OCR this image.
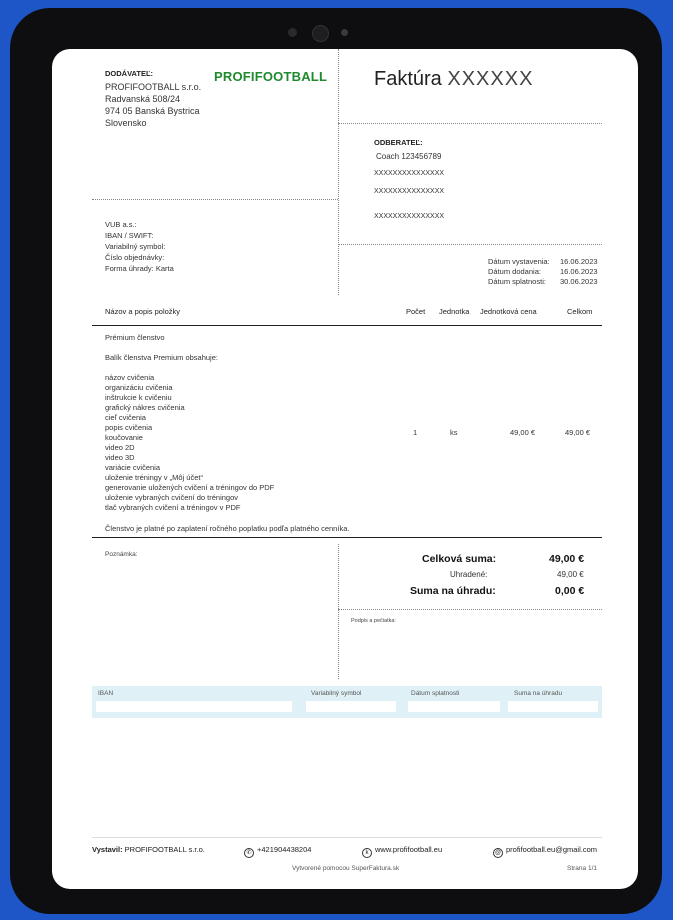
DODÁVATEĽ:
PROFIFOOTBALL s.r.o.
Radvanská 508/24
974 05 Banská Bystrica
Slovensko
PROFIFOOTBALL Faktúra XXXXXX
ODBERATEĽ:
Coach 123456789
XXXXXXXXXXXXXXX
XXXXXXXXXXXXXXX
XXXXXXXXXXXXXXX
VUB a.s.:
IBAN / SWIFT:
Variabilný symbol:
Číslo objednávky:
Forma úhrady: Karta
Dátum vystavenia: 16.06.2023
Dátum dodania:	16.06.2023
Dátum splatnosti: 30.06.2023
Názov a popis položky	Počet Jednotka Jednotková cena	Celkom
Prémium členstvo
Balík členstva Premium obsahuje:
názov cvičenia
organizáciu cvičenia
inštrukcie k cvičeniu
grafický nákres cvičenia
cieľ cvičenia
popis cvičenia
koučovanie
video 2D
video 3D
variácie cvičenia
uloženie tréningy v „Môj účet“
generovanie uložených cvičení a tréningov do PDF
uloženie vybraných cvičení do tréningov
tlač vybraných cvičení a tréningov v PDF
1	ks	49,00 €	49,00 €
Členstvo je platné po zaplatení ročného poplatku podľa platného cenníka.
Poznámka:	Celková suma:	49,00 €
Uhradené:	49,00 €
Suma na úhradu:	0,00 €
Podpis a pečiatka:
IBAN	Variabilný symbol	Dátum splatnosti	Suma na úhradu
Vystavil: PROFIFOOTBALL s.r.o.	✆ +421904438204	k www.profifootball.eu	@ profifootball.eu@gmail.com
Vytvorené pomocou SuperFaktura.sk	Strana 1/1
